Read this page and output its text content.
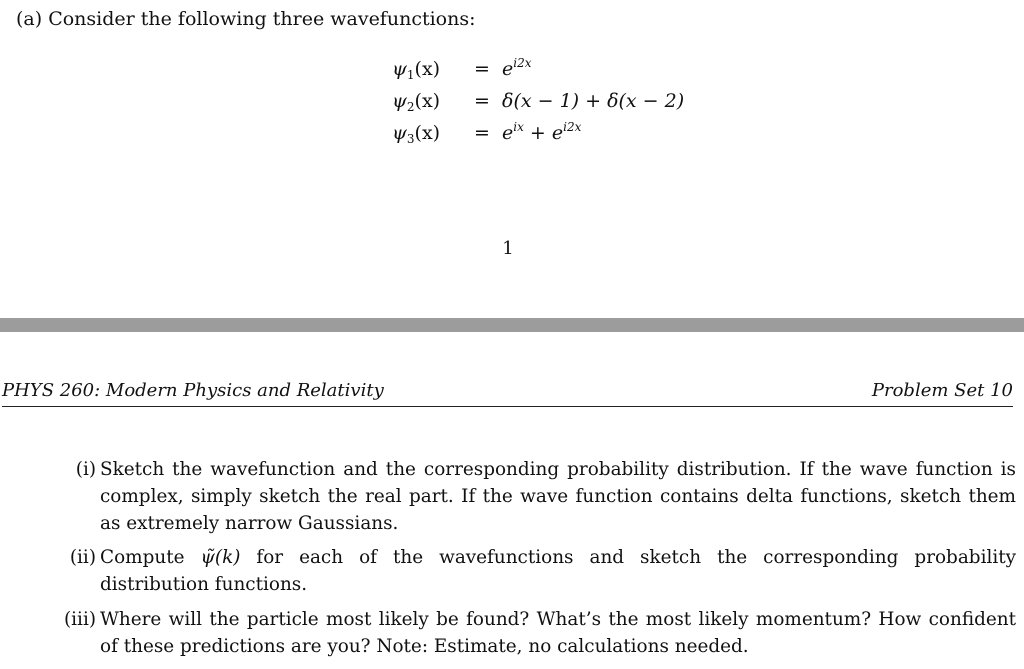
(a) Consider the following three wavefunctions:
$\psi_1(x)$	= $e^{i2x}$
$\psi_2(x)$	= δ(x − 1) + δ(x − 2)
$\psi_3(x)$	= $e^{ix} + e^{i2x}$
1
PHYS 260: Modern Physics and Relativity	Problem Set 10
(i) Sketch the wavefunction and the corresponding probability distribution. If the wave function is complex, simply sketch the real part. If the wave function contains delta functions, sketch them as extremely narrow Gaussians.
(ii) Compute ψ̃(k) for each of the wavefunctions and sketch the corresponding probability distribution functions.
(iii) Where will the particle most likely be found? What’s the most likely momentum? How confident of these predictions are you? Note: Estimate, no calculations needed.
